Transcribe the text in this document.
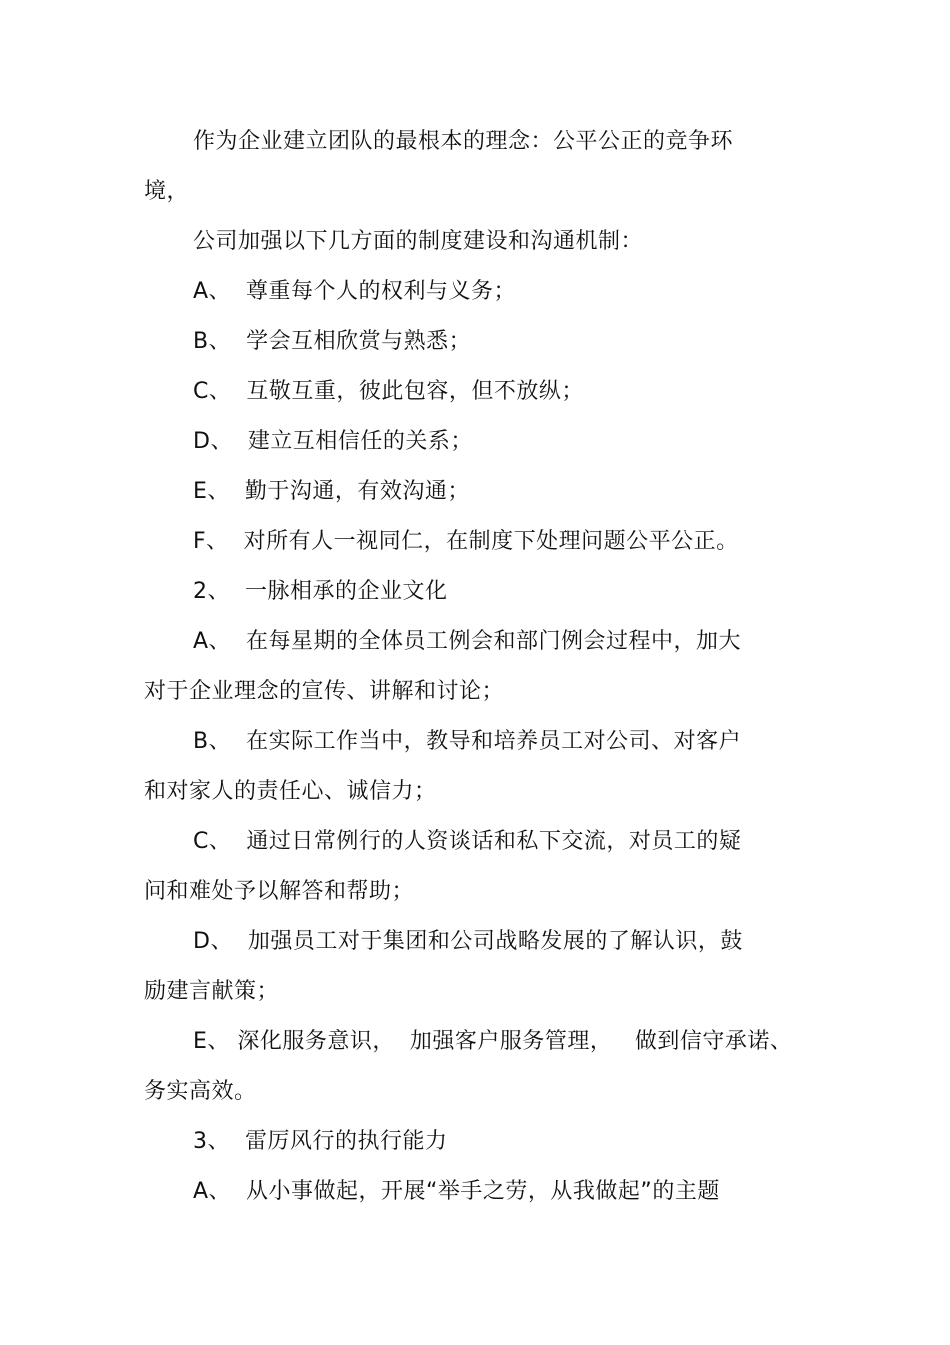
作为企业建立团队的最根本的理念：公平公正的竞争环
境，
公司加强以下几方面的制度建设和沟通机制：
A、  尊重每个人的权利与义务；
B、  学会互相欣赏与熟悉；
C、  互敬互重，彼此包容，但不放纵；
D、  建立互相信任的关系；
E、  勤于沟通，有效沟通；
F、  对所有人一视同仁，在制度下处理问题公平公正。
2、  一脉相承的企业文化
A、  在每星期的全体员工例会和部门例会过程中，加大
对于企业理念的宣传、讲解和讨论；
B、  在实际工作当中，教导和培养员工对公司、对客户
和对家人的责任心、诚信力；
C、  通过日常例行的人资谈话和私下交流，对员工的疑
问和难处予以解答和帮助；
D、  加强员工对于集团和公司战略发展的了解认识，鼓
励建言献策；
E、 深化服务意识，  加强客户服务管理，   做到信守承诺、
务实高效。
3、  雷厉风行的执行能力
A、  从小事做起，开展“举手之劳，从我做起”的主题
